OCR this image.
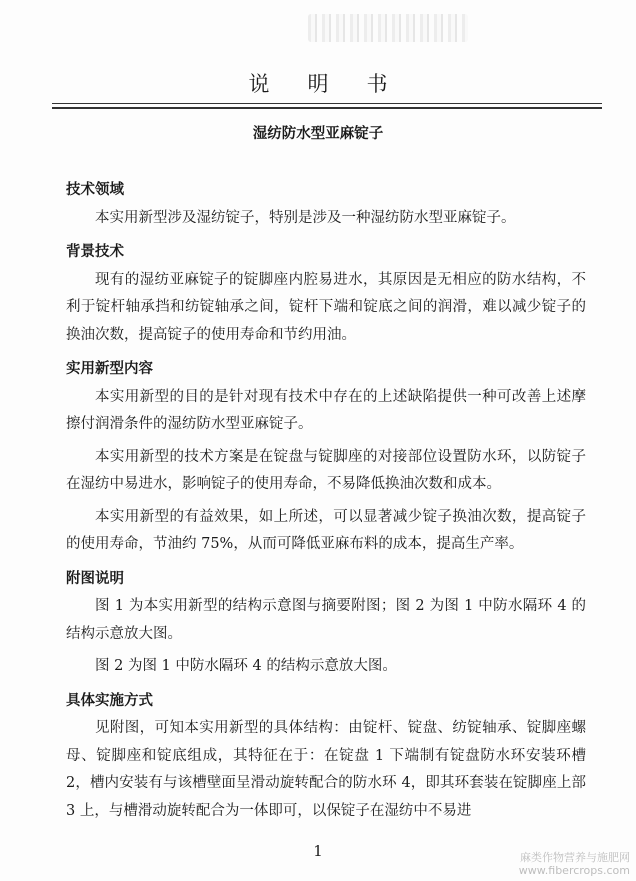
说明书
湿纺防水型亚麻锭子
技术领域
本实用新型涉及湿纺锭子，特别是涉及一种湿纺防水型亚麻锭子。
背景技术
现有的湿纺亚麻锭子的锭脚座内腔易进水，其原因是无相应的防水结构，不利于锭杆轴承挡和纺锭轴承之间，锭杆下端和锭底之间的润滑，难以减少锭子的换油次数，提高锭子的使用寿命和节约用油。
实用新型内容
本实用新型的目的是针对现有技术中存在的上述缺陷提供一种可改善上述摩擦付润滑条件的湿纺防水型亚麻锭子。
本实用新型的技术方案是在锭盘与锭脚座的对接部位设置防水环，以防锭子在湿纺中易进水，影响锭子的使用寿命，不易降低换油次数和成本。
本实用新型的有益效果，如上所述，可以显著减少锭子换油次数，提高锭子的使用寿命，节油约 75%，从而可降低亚麻布料的成本，提高生产率。
附图说明
图 1 为本实用新型的结构示意图与摘要附图；图 2 为图 1 中防水隔环 4 的结构示意放大图。
图 2 为图 1 中防水隔环 4 的结构示意放大图。
具体实施方式
见附图，可知本实用新型的具体结构：由锭杆、锭盘、纺锭轴承、锭脚座螺母、锭脚座和锭底组成，其特征在于：在锭盘 1 下端制有锭盘防水环安装环槽 2，槽内安装有与该槽壁面呈滑动旋转配合的防水环 4，即其环套装在锭脚座上部 3 上，与槽滑动旋转配合为一体即可，以保锭子在湿纺中不易进
1	麻类作物营养与施肥网
www.fibercrops.com
